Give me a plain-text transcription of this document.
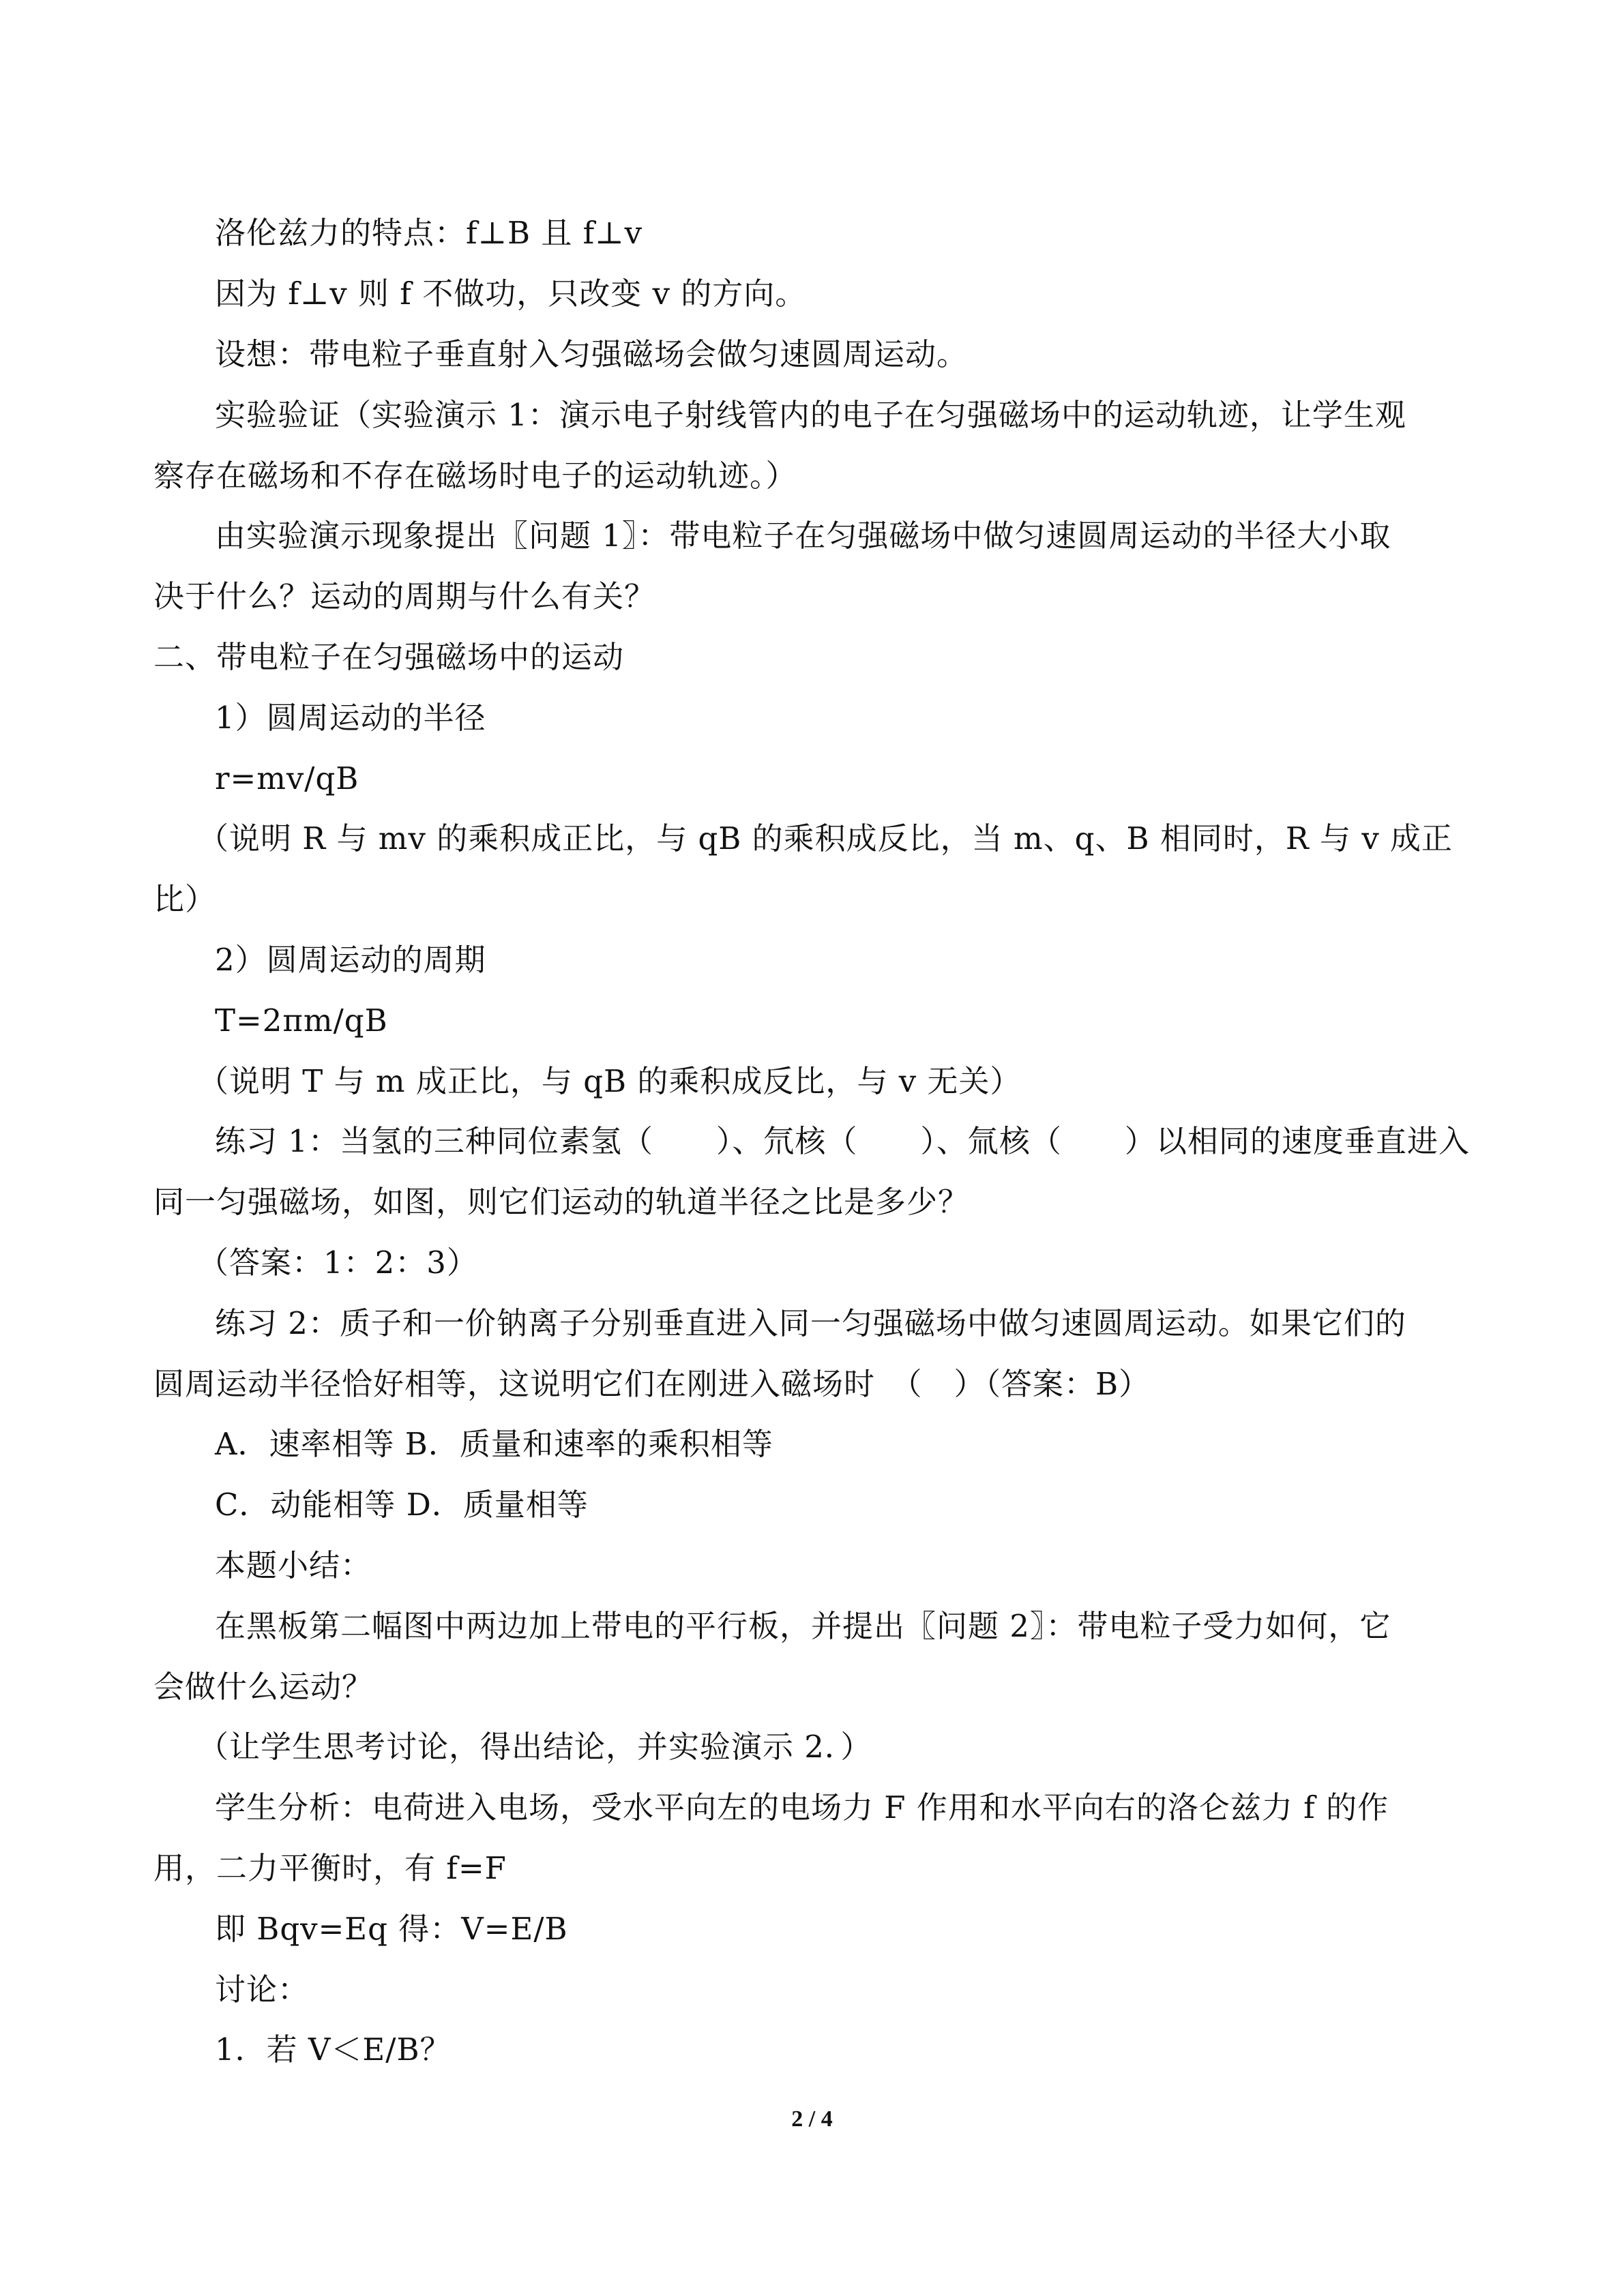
洛伦兹力的特点：f⊥B 且 f⊥v
因为 f⊥v 则 f 不做功，只改变 v 的方向。
设想：带电粒子垂直射入匀强磁场会做匀速圆周运动。
实验验证（实验演示 1：演示电子射线管内的电子在匀强磁场中的运动轨迹，让学生观
察存在磁场和不存在磁场时电子的运动轨迹。）
由实验演示现象提出〖问题 1〗：带电粒子在匀强磁场中做匀速圆周运动的半径大小取
决于什么？运动的周期与什么有关？
二、带电粒子在匀强磁场中的运动
1）圆周运动的半径
r=mv/qB
（说明 R 与 mv 的乘积成正比，与 qB 的乘积成反比，当 m、q、B 相同时，R 与 v 成正
比）
2）圆周运动的周期
T=2πm/qB
（说明 T 与 m 成正比，与 qB 的乘积成反比，与 v 无关）
练习 1：当氢的三种同位素氢（　　）、氘核（　　）、氚核（　　）以相同的速度垂直进入
同一匀强磁场，如图，则它们运动的轨道半径之比是多少？
（答案：1：2：3）
练习 2：质子和一价钠离子分别垂直进入同一匀强磁场中做匀速圆周运动。如果它们的
圆周运动半径恰好相等，这说明它们在刚进入磁场时　（　）（答案：B）
A．速率相等 B．质量和速率的乘积相等
C．动能相等 D．质量相等
本题小结：
在黑板第二幅图中两边加上带电的平行板，并提出〖问题 2〗：带电粒子受力如何，它
会做什么运动？
（让学生思考讨论，得出结论，并实验演示 2．）
学生分析：电荷进入电场，受水平向左的电场力 F 作用和水平向右的洛仑兹力 f 的作
用，二力平衡时，有 f=F
即 Bqv=Eq 得：V=E/B
讨论：
1．若 V＜E/B？
2 / 4
